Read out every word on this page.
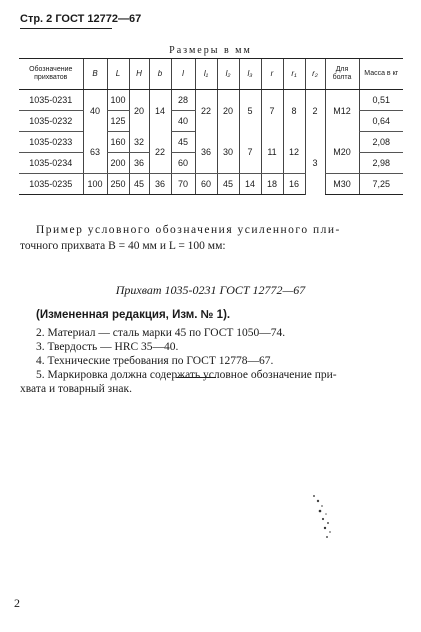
Стр. 2 ГОСТ 12772—67
Размеры в мм
Обозначение прихватов	B	L	H	b	l	l₁	l₂	l₃	r	r₁	r₂	Для болта	Масса в кг
1035-0231	40	100	20	14	28	22	20	5	7	8	2	М12	0,51
1035-0232		125			40								0,64
1035-0233	63	160	32	22	45	36	30	7	11	12	3	М20	2,08
1035-0234		200	36		60								2,98
1035-0235	100	250	45	36	70	60	45	14	18	16		М30	7,25
Пример условного обозначения усиленного пли-
точного прихвата B = 40 мм и L = 100 мм:
Прихват 1035-0231 ГОСТ 12772—67
(Измененная редакция, Изм. № 1).
2. Материал — сталь марки 45 по ГОСТ 1050—74.
3. Твердость — HRC 35—40.
4. Технические требования по ГОСТ 12778—67.
5. Маркировка должна содержать условное обозначение при-
хвата и товарный знак.
2
